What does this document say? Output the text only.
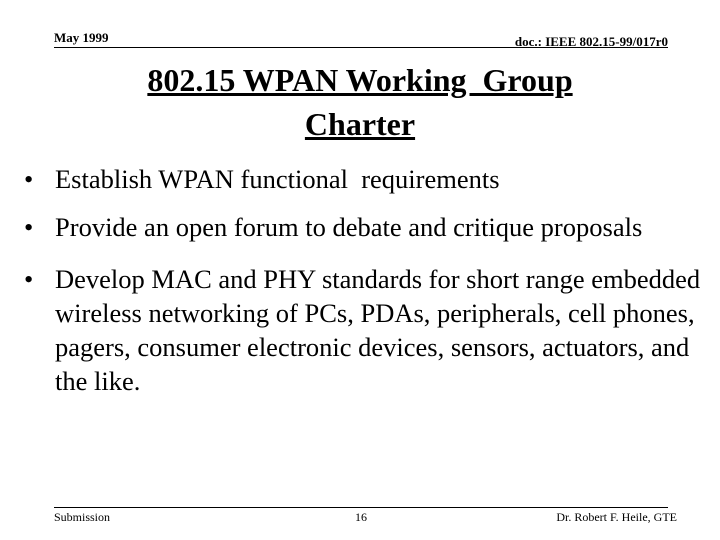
May 1999	doc.: IEEE 802.15-99/017r0
802.15 WPAN Working  Group
Charter
• Establish WPAN functional  requirements
• Provide an open forum to debate and critique proposals
• Develop MAC and PHY standards for short range embedded wireless networking of PCs, PDAs, peripherals, cell phones, pagers, consumer electronic devices, sensors, actuators, and the like.
Submission	16	Dr. Robert F. Heile, GTE
